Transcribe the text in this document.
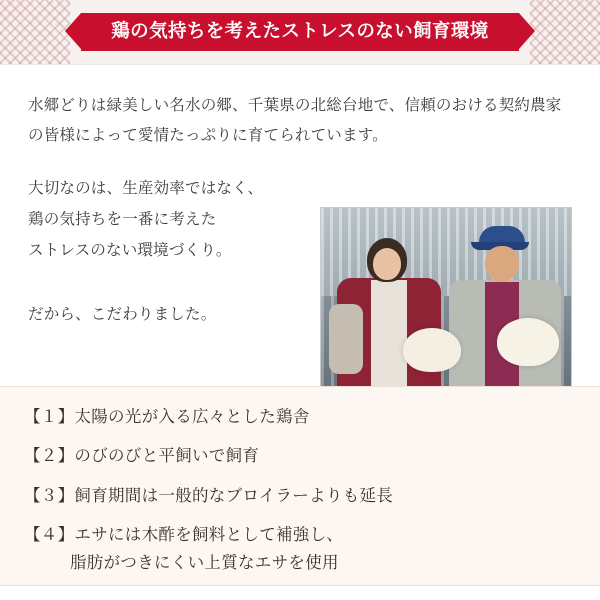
鶏の気持ちを考えたストレスのない飼育環境

水郷どりは緑美しい名水の郷、千葉県の北総台地で、信頼のおける契約農家の皆様によって愛情たっぷりに育てられています。

大切なのは、生産効率ではなく、

鶏の気持ちを一番に考えた

ストレスのない環境づくり。

だから、こだわりました。

【１】太陽の光が入る広々とした鶏舎
【２】のびのびと平飼いで飼育
【３】飼育期間は一般的なブロイラーよりも延長
【４】エサには木酢を飼料として補強し、
脂肪がつきにくい上質なエサを使用
